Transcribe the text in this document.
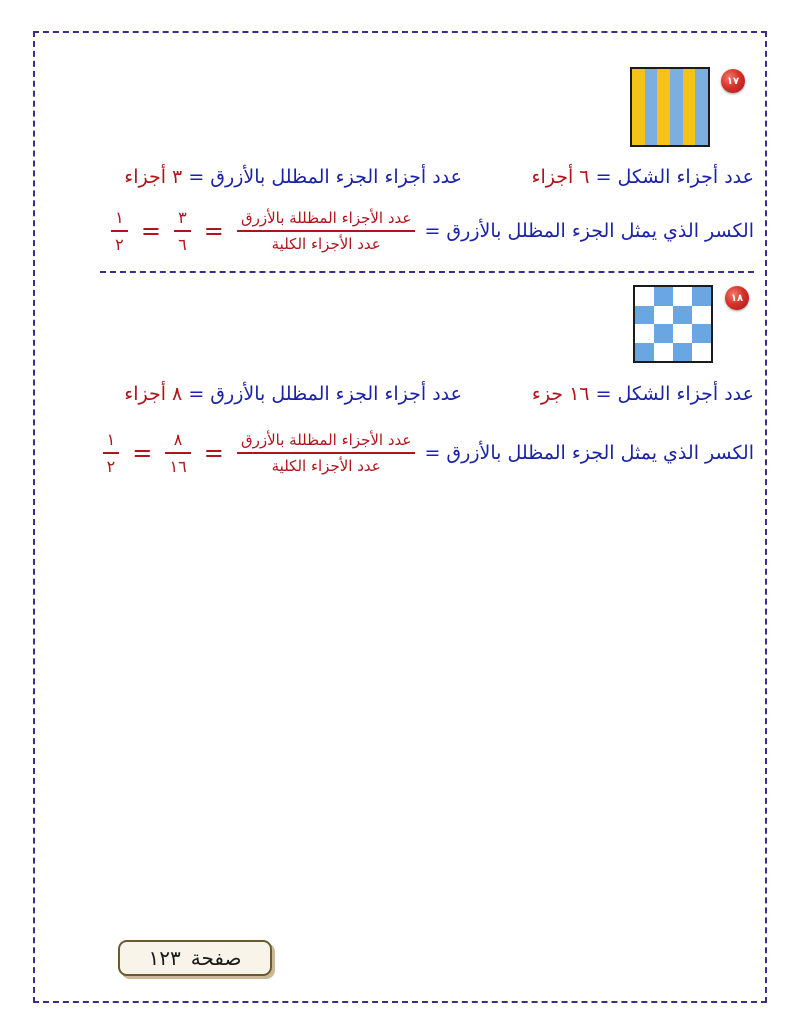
١٧
عدد أجزاء الشكل = ٦ أجزاء
عدد أجزاء الجزء المظلل بالأزرق = ٣ أجزاء
الكسر الذي يمثل الجزء المظلل بالأزرق =
$\frac{\text{عدد الأجزاء المظللة بالأزرق}}{\text{عدد الأجزاء الكلية}}$
=
$\frac{٣}{٦}$
=
$\frac{١}{٢}$
١٨
عدد أجزاء الشكل = ١٦ جزء
عدد أجزاء الجزء المظلل بالأزرق = ٨ أجزاء
الكسر الذي يمثل الجزء المظلل بالأزرق =
$\frac{\text{عدد الأجزاء المظللة بالأزرق}}{\text{عدد الأجزاء الكلية}}$
=
$\frac{٨}{١٦}$
=
$\frac{١}{٢}$
صفحة
١٢٣
